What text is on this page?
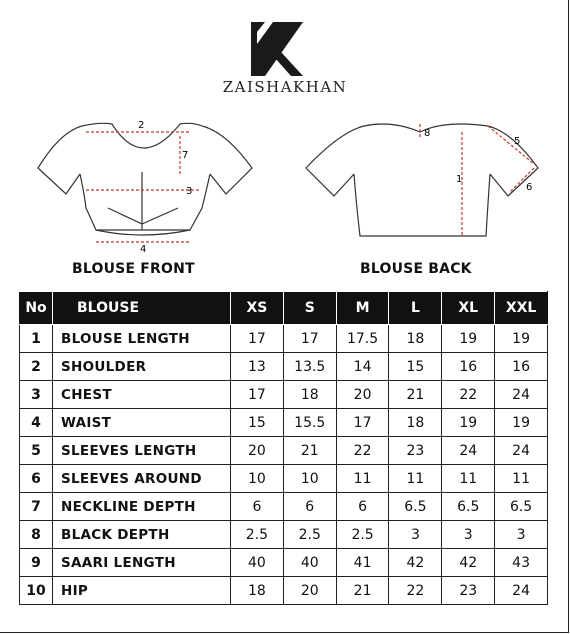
ZAISHAKHAN
2
7
3
4
8
5
1
6
BLOUSE FRONT	BLOUSE BACK
No	BLOUSE	XS	S	M	L	XL	XXL
1	BLOUSE LENGTH	17	17	17.5	18	19	19
2	SHOULDER	13	13.5	14	15	16	16
3	CHEST	17	18	20	21	22	24
4	WAIST	15	15.5	17	18	19	19
5	SLEEVES LENGTH	20	21	22	23	24	24
6	SLEEVES AROUND	10	10	11	11	11	11
7	NECKLINE DEPTH	6	6	6	6.5	6.5	6.5
8	BLACK DEPTH	2.5	2.5	2.5	3	3	3
9	SAARI LENGTH	40	40	41	42	42	43
10	HIP	18	20	21	22	23	24
